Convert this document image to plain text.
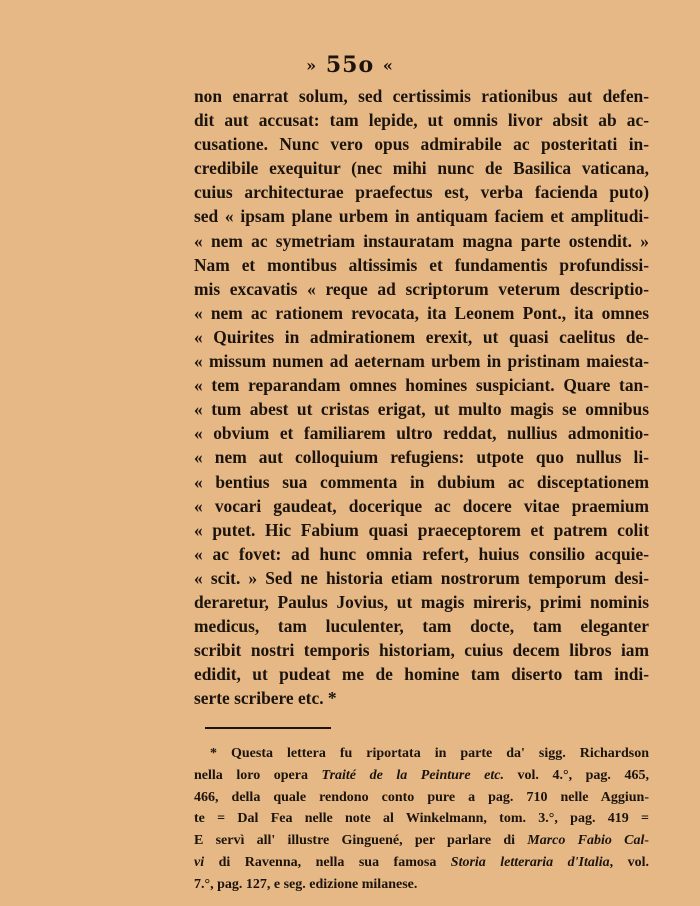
» 55o «
non enarrat solum, sed certissimis rationibus aut defen-
dit aut accusat: tam lepide, ut omnis livor absit ab ac-
cusatione. Nunc vero opus admirabile ac posteritati in-
credibile exequitur (nec mihi nunc de Basilica vaticana,
cuius architecturae praefectus est, verba facienda puto)
sed « ipsam plane urbem in antiquam faciem et amplitudi-
« nem ac symetriam instauratam magna parte ostendit. »
Nam et montibus altissimis et fundamentis profundissi-
mis excavatis « reque ad scriptorum veterum descriptio-
« nem ac rationem revocata, ita Leonem Pont., ita omnes
« Quirites in admirationem erexit, ut quasi caelitus de-
« missum numen ad aeternam urbem in pristinam maiesta-
« tem reparandam omnes homines suspiciant. Quare tan-
« tum abest ut cristas erigat, ut multo magis se omnibus
« obvium et familiarem ultro reddat, nullius admonitio-
« nem aut colloquium refugiens: utpote quo nullus li-
« bentius sua commenta in dubium ac disceptationem
« vocari gaudeat, docerique ac docere vitae praemium
« putet. Hic Fabium quasi praeceptorem et patrem colit
« ac fovet: ad hunc omnia refert, huius consilio acquie-
« scit. » Sed ne historia etiam nostrorum temporum desi-
deraretur, Paulus Jovius, ut magis mireris, primi nominis
medicus, tam luculenter, tam docte, tam eleganter
scribit nostri temporis historiam, cuius decem libros iam
edidit, ut pudeat me de homine tam diserto tam indi-
serte scribere etc. *
* Questa lettera fu riportata in parte da' sigg. Richardson
nella loro opera Traité de la Peinture etc. vol. 4.°, pag. 465,
466, della quale rendono conto pure a pag. 710 nelle Aggiun-
te = Dal Fea nelle note al Winkelmann, tom. 3.°, pag. 419 =
E servì all' illustre Ginguené, per parlare di Marco Fabio Cal-
vi di Ravenna, nella sua famosa Storia letteraria d'Italia, vol.
7.°, pag. 127, e seg. edizione milanese.
